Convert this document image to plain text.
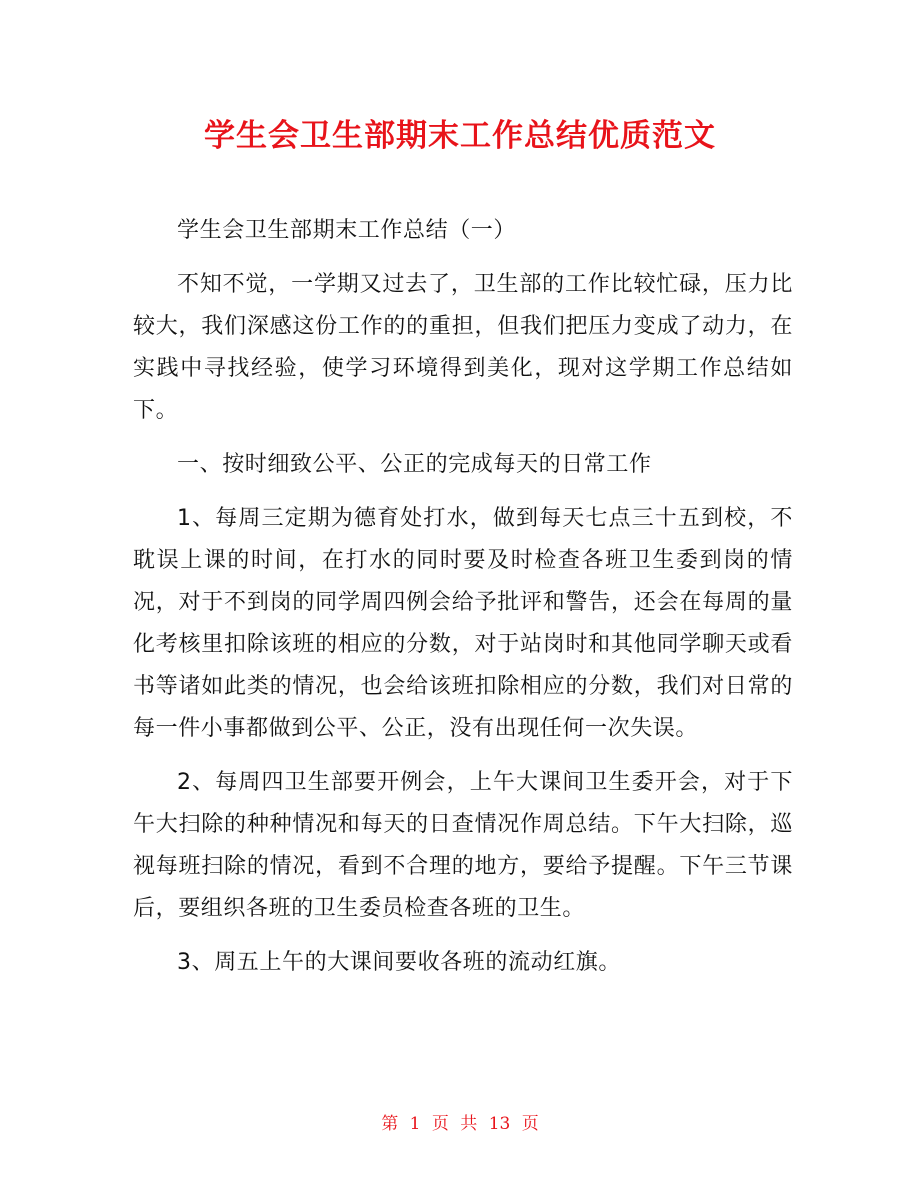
学生会卫生部期末工作总结优质范文

学生会卫生部期末工作总结（一）

不知不觉，一学期又过去了，卫生部的工作比较忙碌，压力比较大，我们深感这份工作的的重担，但我们把压力变成了动力，在实践中寻找经验，使学习环境得到美化，现对这学期工作总结如下。

一、按时细致公平、公正的完成每天的日常工作

1、每周三定期为德育处打水，做到每天七点三十五到校，不耽误上课的时间，在打水的同时要及时检查各班卫生委到岗的情况，对于不到岗的同学周四例会给予批评和警告，还会在每周的量化考核里扣除该班的相应的分数，对于站岗时和其他同学聊天或看书等诸如此类的情况，也会给该班扣除相应的分数，我们对日常的每一件小事都做到公平、公正，没有出现任何一次失误。

2、每周四卫生部要开例会，上午大课间卫生委开会，对于下午大扫除的种种情况和每天的日查情况作周总结。下午大扫除，巡视每班扫除的情况，看到不合理的地方，要给予提醒。下午三节课后，要组织各班的卫生委员检查各班的卫生。

3、周五上午的大课间要收各班的流动红旗。

第 1 页 共 13 页
